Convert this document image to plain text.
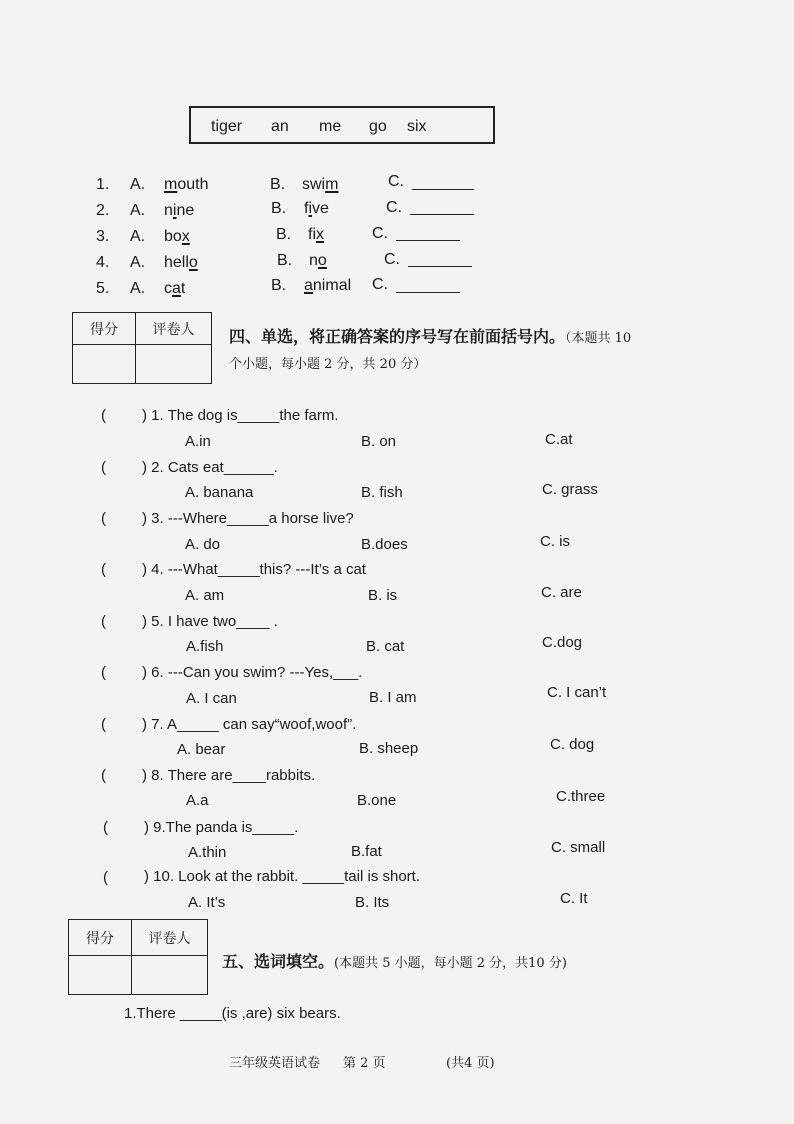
tiger an me go six
1. A. mouth	B. swim	C.
2. A. nine	B. five	C.
3. A. box	B. fix	C.
4. A. hello	B. no	C.
5. A. cat	B. animal C.
得分	评卷人
	四、单选，将正确答案的序号写在前面括号内。（本题共 10
个小题，每小题 2 分，共 20 分）
( ) 1. The dog is_____the farm.
A.in	B. on	C.at
( ) 2. Cats eat______.
A. banana	B. fish	C. grass
( ) 3. ---Where_____a horse live?
A. do	B.does	C. is
( ) 4. ---What_____this? ---It’s a cat
A. am	B. is	C. are
( ) 5. I have two____ .
A.fish	B. cat	C.dog
( ) 6. ---Can you swim? ---Yes,___.
A. I can	B. I am	C. I can’t
( ) 7. A_____ can say“woof,woof”.
A. bear	B. sheep	C. dog
( ) 8. There are____rabbits.
A.a	B.one	C.three
( ) 9.The panda is_____.
A.thin	B.fat	C. small
( ) 10. Look at the rabbit. _____tail is short.
A. It’s	B. Its	C. It
得分	评卷人

五、选词填空。(本题共 5 小题，每小题 2 分，共10 分)
1.There _____(is ,are) six bears.
三年级英语试卷 第 2 页	(共4 页)
